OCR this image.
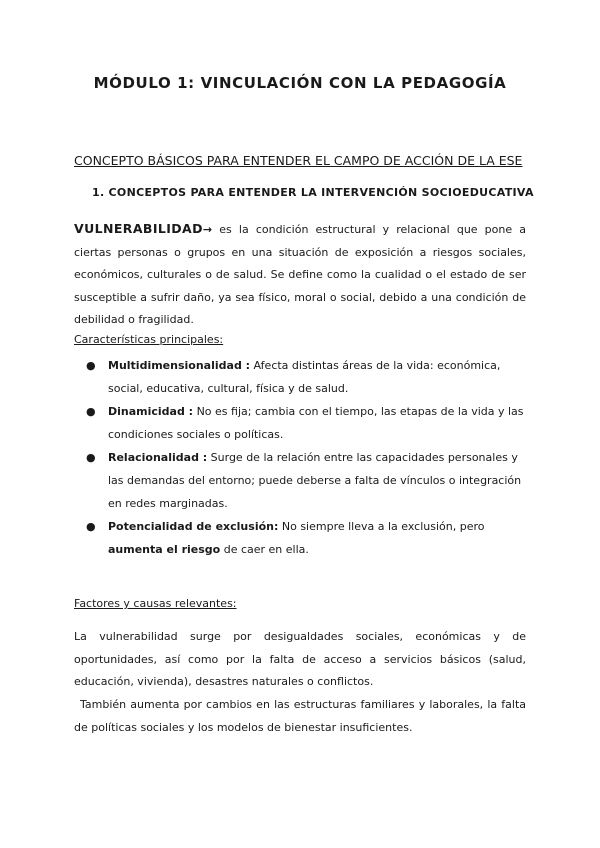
MÓDULO 1: VINCULACIÓN CON LA PEDAGOGÍA
CONCEPTO BÁSICOS PARA ENTENDER EL CAMPO DE ACCIÓN DE LA ESE
1. CONCEPTOS PARA ENTENDER LA INTERVENCIÓN SOCIOEDUCATIVA
VULNERABILIDAD→ es la condición estructural y relacional que pone a ciertas personas o grupos en una situación de exposición a riesgos sociales, económicos, culturales o de salud. Se define como la cualidad o el estado de ser susceptible a sufrir daño, ya sea físico, moral o social, debido a una condición de debilidad o fragilidad.
Características principales:
● Multidimensionalidad : Afecta distintas áreas de la vida: económica, social, educativa, cultural, física y de salud.
● Dinamicidad : No es fija; cambia con el tiempo, las etapas de la vida y las condiciones sociales o políticas.
● Relacionalidad : Surge de la relación entre las capacidades personales y las demandas del entorno; puede deberse a falta de vínculos o integración en redes marginadas.
● Potencialidad de exclusión: No siempre lleva a la exclusión, pero aumenta el riesgo de caer en ella.
Factores y causas relevantes:
La vulnerabilidad surge por desigualdades sociales, económicas y de oportunidades, así como por la falta de acceso a servicios básicos (salud, educación, vivienda), desastres naturales o conflictos.
También aumenta por cambios en las estructuras familiares y laborales, la falta de políticas sociales y los modelos de bienestar insuficientes.
